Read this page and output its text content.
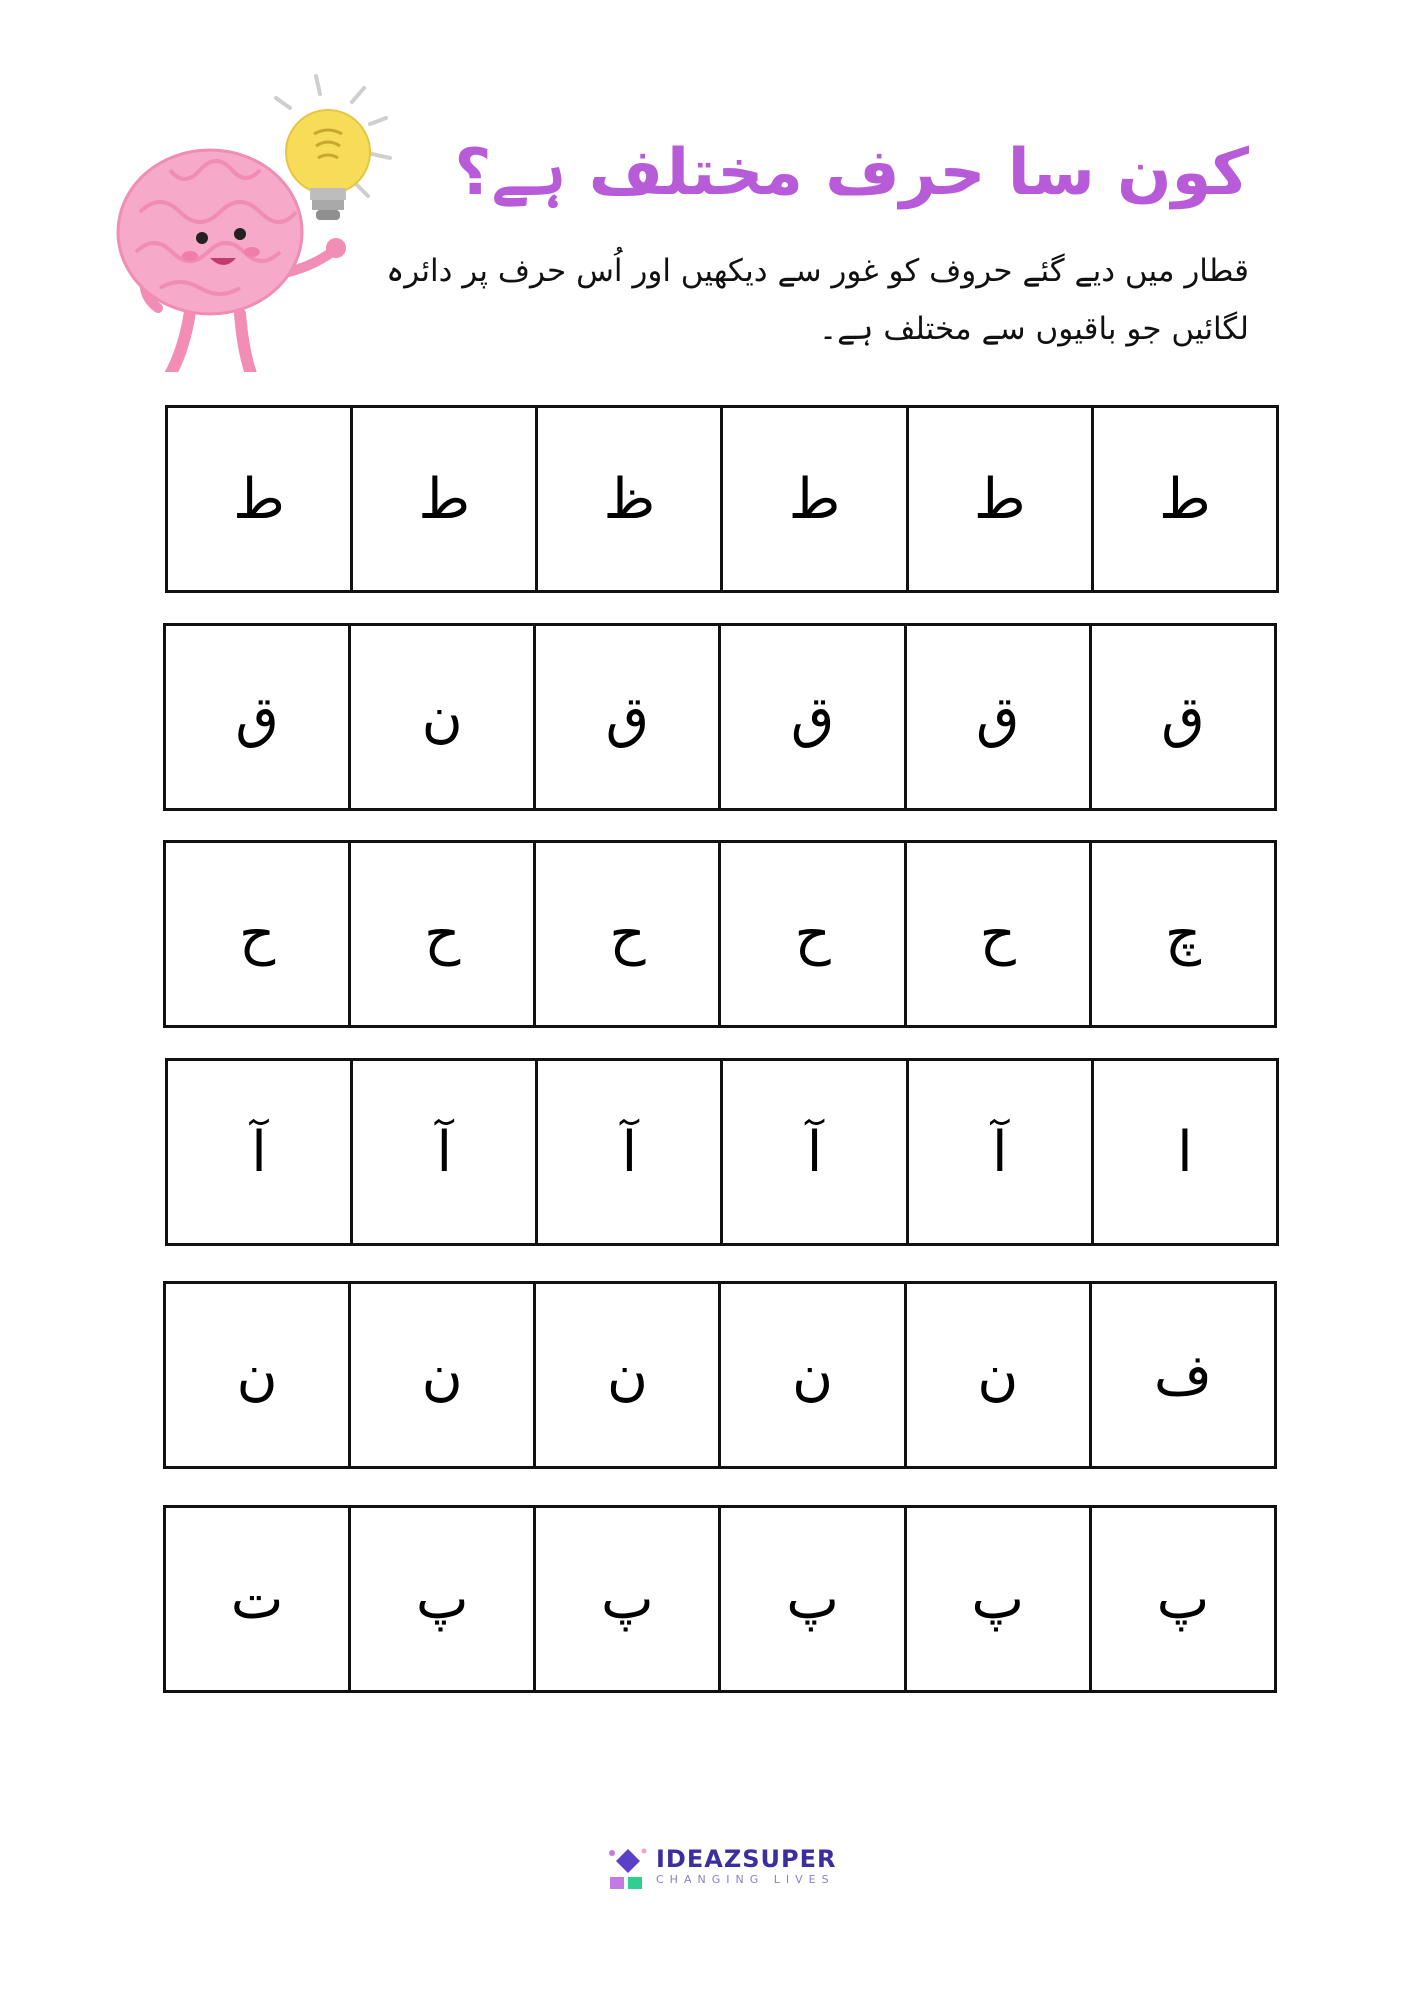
کون سا حرف مختلف ہے؟
قطار میں دیے گئے حروف کو غور سے دیکھیں اور اُس حرف پر دائرہ لگائیں جو باقیوں سے مختلف ہے۔
ط
ط
ط
ظ
ط
ط
ق
ق
ق
ق
ن
ق
چ
ح
ح
ح
ح
ح
ا
آ
آ
آ
آ
آ
ف
ن
ن
ن
ن
ن
پ
پ
پ
پ
پ
ت
IDEAZSUPER
CHANGING LIVES
